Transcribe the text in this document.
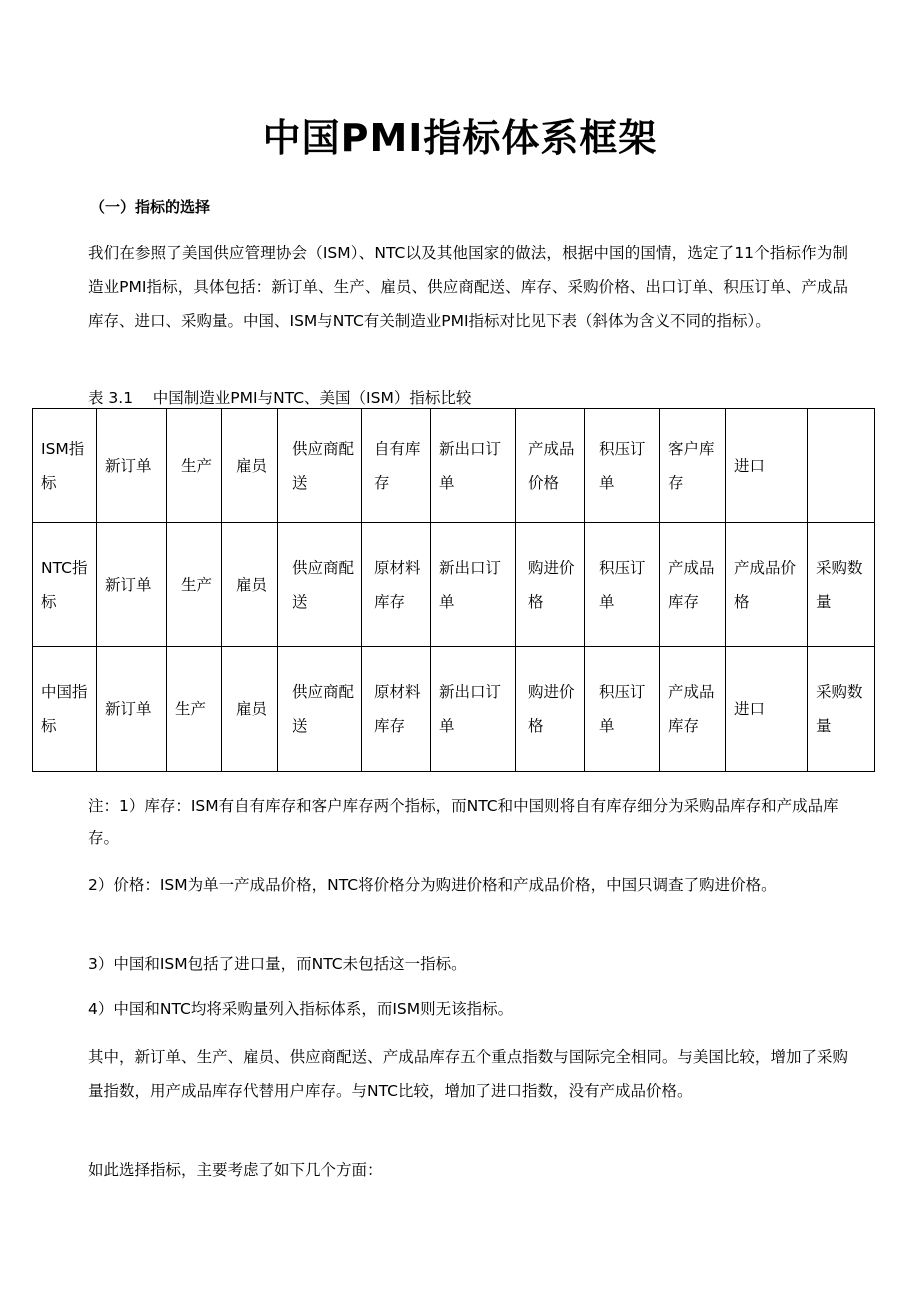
中国PMI指标体系框架
（一）指标的选择
我们在参照了美国供应管理协会（ISM）、NTC以及其他国家的做法，根据中国的国情，选定了11个指标作为制造业PMI指标，具体包括：新订单、生产、雇员、供应商配送、库存、采购价格、出口订单、积压订单、产成品库存、进口、采购量。中国、ISM与NTC有关制造业PMI指标对比见下表（斜体为含义不同的指标）。
表 3.1    中国制造业PMI与NTC、美国（ISM）指标比较
ISM指标	新订单	生产	雇员	供应商配送	自有库存	新出口订单	产成品价格	积压订单	客户库存	进口	
NTC指标	新订单	生产	雇员	供应商配送	原材料库存	新出口订单	购进价格	积压订单	产成品库存	产成品价格	采购数量
中国指标	新订单	生产	雇员	供应商配送	原材料库存	新出口订单	购进价格	积压订单	产成品库存	进口	采购数量
注：1）库存：ISM有自有库存和客户库存两个指标，而NTC和中国则将自有库存细分为采购品库存和产成品库存。
2）价格：ISM为单一产成品价格，NTC将价格分为购进价格和产成品价格，中国只调查了购进价格。
3）中国和ISM包括了进口量，而NTC未包括这一指标。
4）中国和NTC均将采购量列入指标体系，而ISM则无该指标。
其中，新订单、生产、雇员、供应商配送、产成品库存五个重点指数与国际完全相同。与美国比较，增加了采购量指数，用产成品库存代替用户库存。与NTC比较，增加了进口指数，没有产成品价格。
如此选择指标，主要考虑了如下几个方面：
